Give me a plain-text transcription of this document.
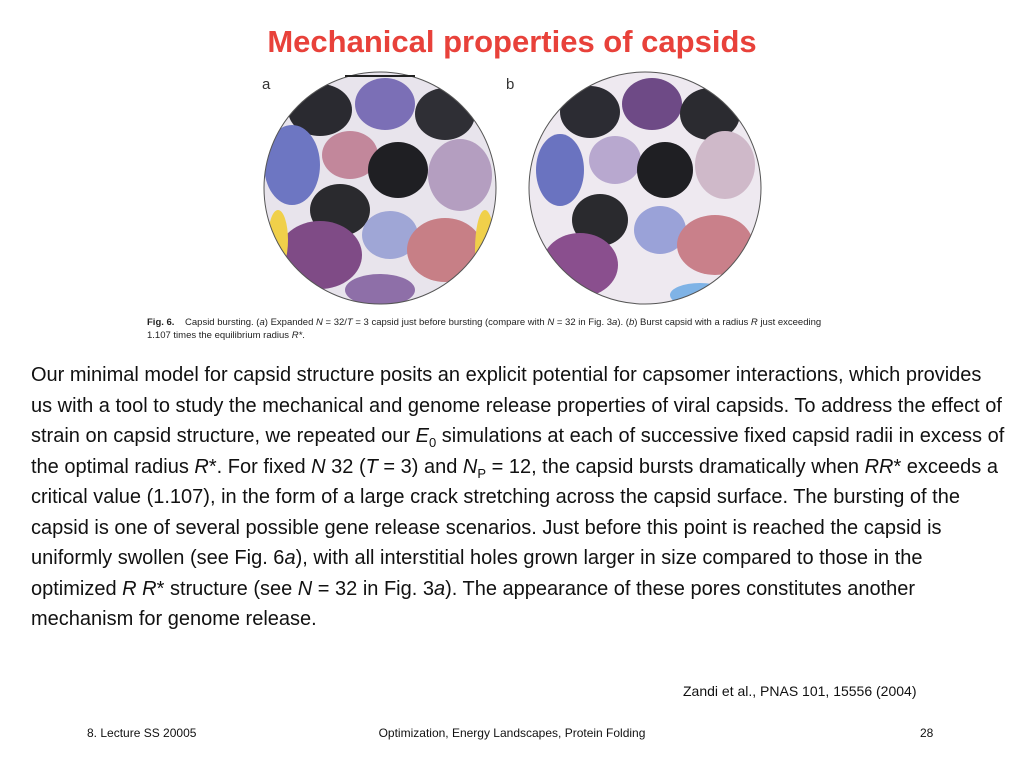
Mechanical properties of capsids
a	b
Fig. 6. Capsid bursting. (a) Expanded N = 32/T = 3 capsid just before bursting (compare with N = 32 in Fig. 3a). (b) Burst capsid with a radius R just exceeding
1.107 times the equilibrium radius R*.
Our minimal model for capsid structure posits an explicit potential for capsomer interactions, which provides us with a tool to study the mechanical and genome release properties of viral capsids. To address the effect of strain on capsid structure, we repeated our $E_0$ simulations at each of successive fixed capsid radii in excess of the optimal radius R*. For fixed N 32 (T = 3) and $N_P = 12$, the capsid bursts dramatically when RR* exceeds a critical value (1.107), in the form of a large crack stretching across the capsid surface. The bursting of the capsid is one of several possible gene release scenarios. Just before this point is reached the capsid is uniformly swollen (see Fig. 6a), with all interstitial holes grown larger in size compared to those in the optimized R R* structure (see N = 32 in Fig. 3a). The appearance of these pores constitutes another mechanism for genome release.
Zandi et al., PNAS 101, 15556 (2004)
8. Lecture SS 20005	Optimization, Energy Landscapes, Protein Folding	28
